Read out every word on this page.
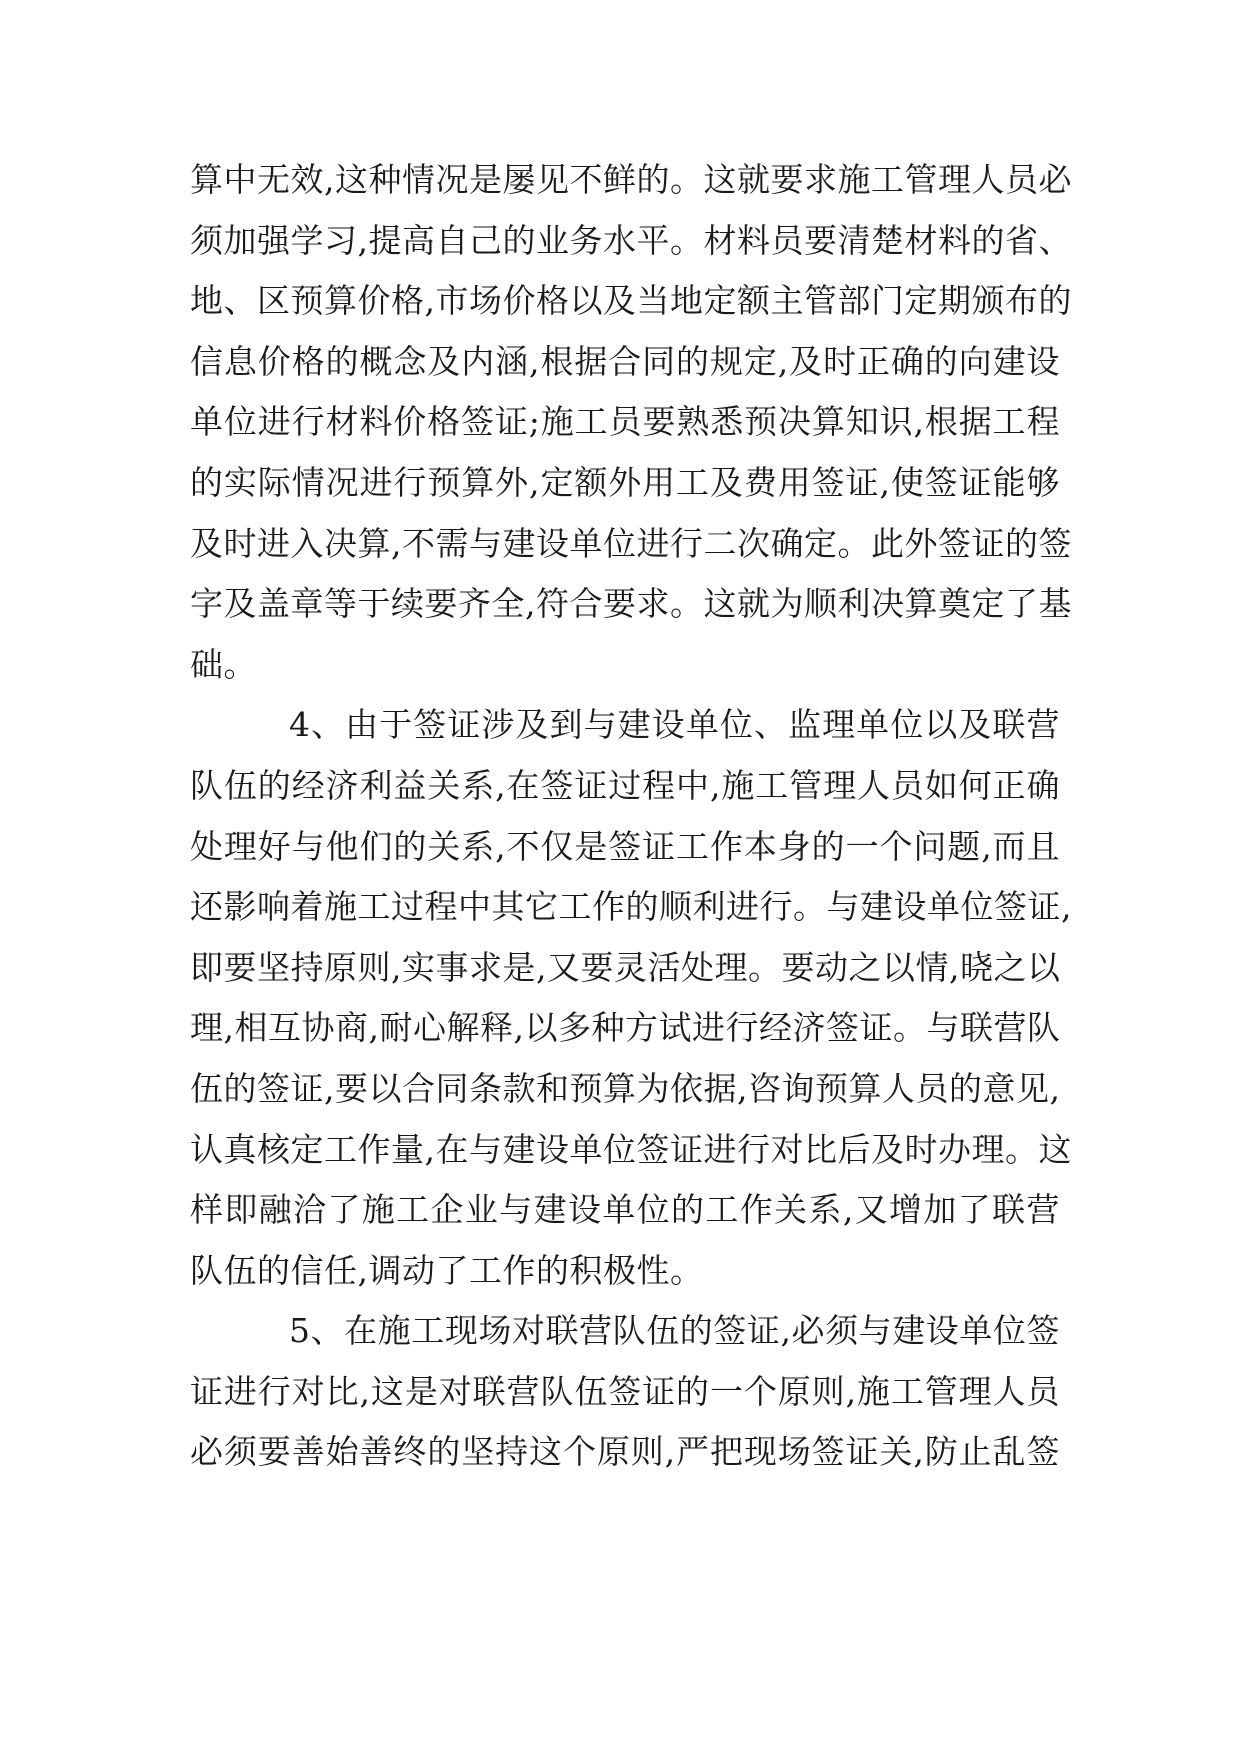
算中无效,这种情况是屡见不鲜的。这就要求施工管理人员必
须加强学习,提高自己的业务水平。材料员要清楚材料的省、
地、区预算价格,市场价格以及当地定额主管部门定期颁布的
信息价格的概念及内涵,根据合同的规定,及时正确的向建设
单位进行材料价格签证;施工员要熟悉预决算知识,根据工程
的实际情况进行预算外,定额外用工及费用签证,使签证能够
及时进入决算,不需与建设单位进行二次确定。此外签证的签
字及盖章等于续要齐全,符合要求。这就为顺利决算奠定了基
础。
4、由于签证涉及到与建设单位、监理单位以及联营
队伍的经济利益关系,在签证过程中,施工管理人员如何正确
处理好与他们的关系,不仅是签证工作本身的一个问题,而且
还影响着施工过程中其它工作的顺利进行。与建设单位签证,
即要坚持原则,实事求是,又要灵活处理。要动之以情,晓之以
理,相互协商,耐心解释,以多种方试进行经济签证。与联营队
伍的签证,要以合同条款和预算为依据,咨询预算人员的意见,
认真核定工作量,在与建设单位签证进行对比后及时办理。这
样即融洽了施工企业与建设单位的工作关系,又增加了联营
队伍的信任,调动了工作的积极性。
5、在施工现场对联营队伍的签证,必须与建设单位签
证进行对比,这是对联营队伍签证的一个原则,施工管理人员
必须要善始善终的坚持这个原则,严把现场签证关,防止乱签
